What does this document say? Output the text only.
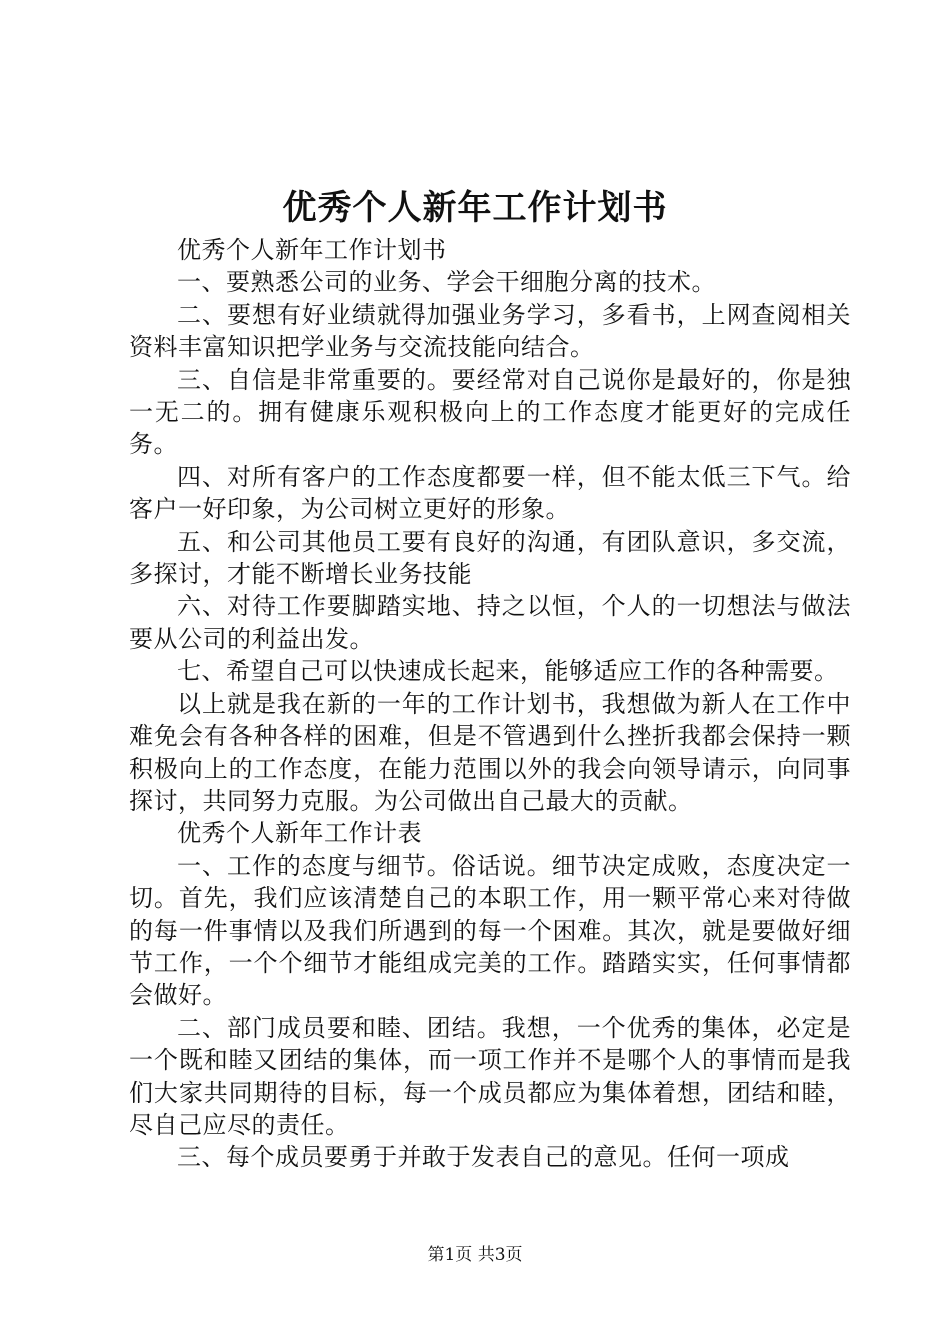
优秀个人新年工作计划书

优秀个人新年工作计划书

一、要熟悉公司的业务、学会干细胞分离的技术。

二、要想有好业绩就得加强业务学习，多看书，上网查阅相关资料丰富知识把学业务与交流技能向结合。

三、自信是非常重要的。要经常对自己说你是最好的，你是独一无二的。拥有健康乐观积极向上的工作态度才能更好的完成任务。

四、对所有客户的工作态度都要一样，但不能太低三下气。给客户一好印象，为公司树立更好的形象。

五、和公司其他员工要有良好的沟通，有团队意识，多交流，多探讨，才能不断增长业务技能

六、对待工作要脚踏实地、持之以恒，个人的一切想法与做法要从公司的利益出发。

七、希望自己可以快速成长起来，能够适应工作的各种需要。

以上就是我在新的一年的工作计划书，我想做为新人在工作中难免会有各种各样的困难，但是不管遇到什么挫折我都会保持一颗积极向上的工作态度，在能力范围以外的我会向领导请示，向同事探讨，共同努力克服。为公司做出自己最大的贡献。

优秀个人新年工作计表

一、工作的态度与细节。俗话说。细节决定成败，态度决定一切。首先，我们应该清楚自己的本职工作，用一颗平常心来对待做的每一件事情以及我们所遇到的每一个困难。其次，就是要做好细节工作，一个个细节才能组成完美的工作。踏踏实实，任何事情都会做好。

二、部门成员要和睦、团结。我想，一个优秀的集体，必定是一个既和睦又团结的集体，而一项工作并不是哪个人的事情而是我们大家共同期待的目标，每一个成员都应为集体着想，团结和睦，尽自己应尽的责任。

三、每个成员要勇于并敢于发表自己的意见。任何一项成

第1页 共3页
